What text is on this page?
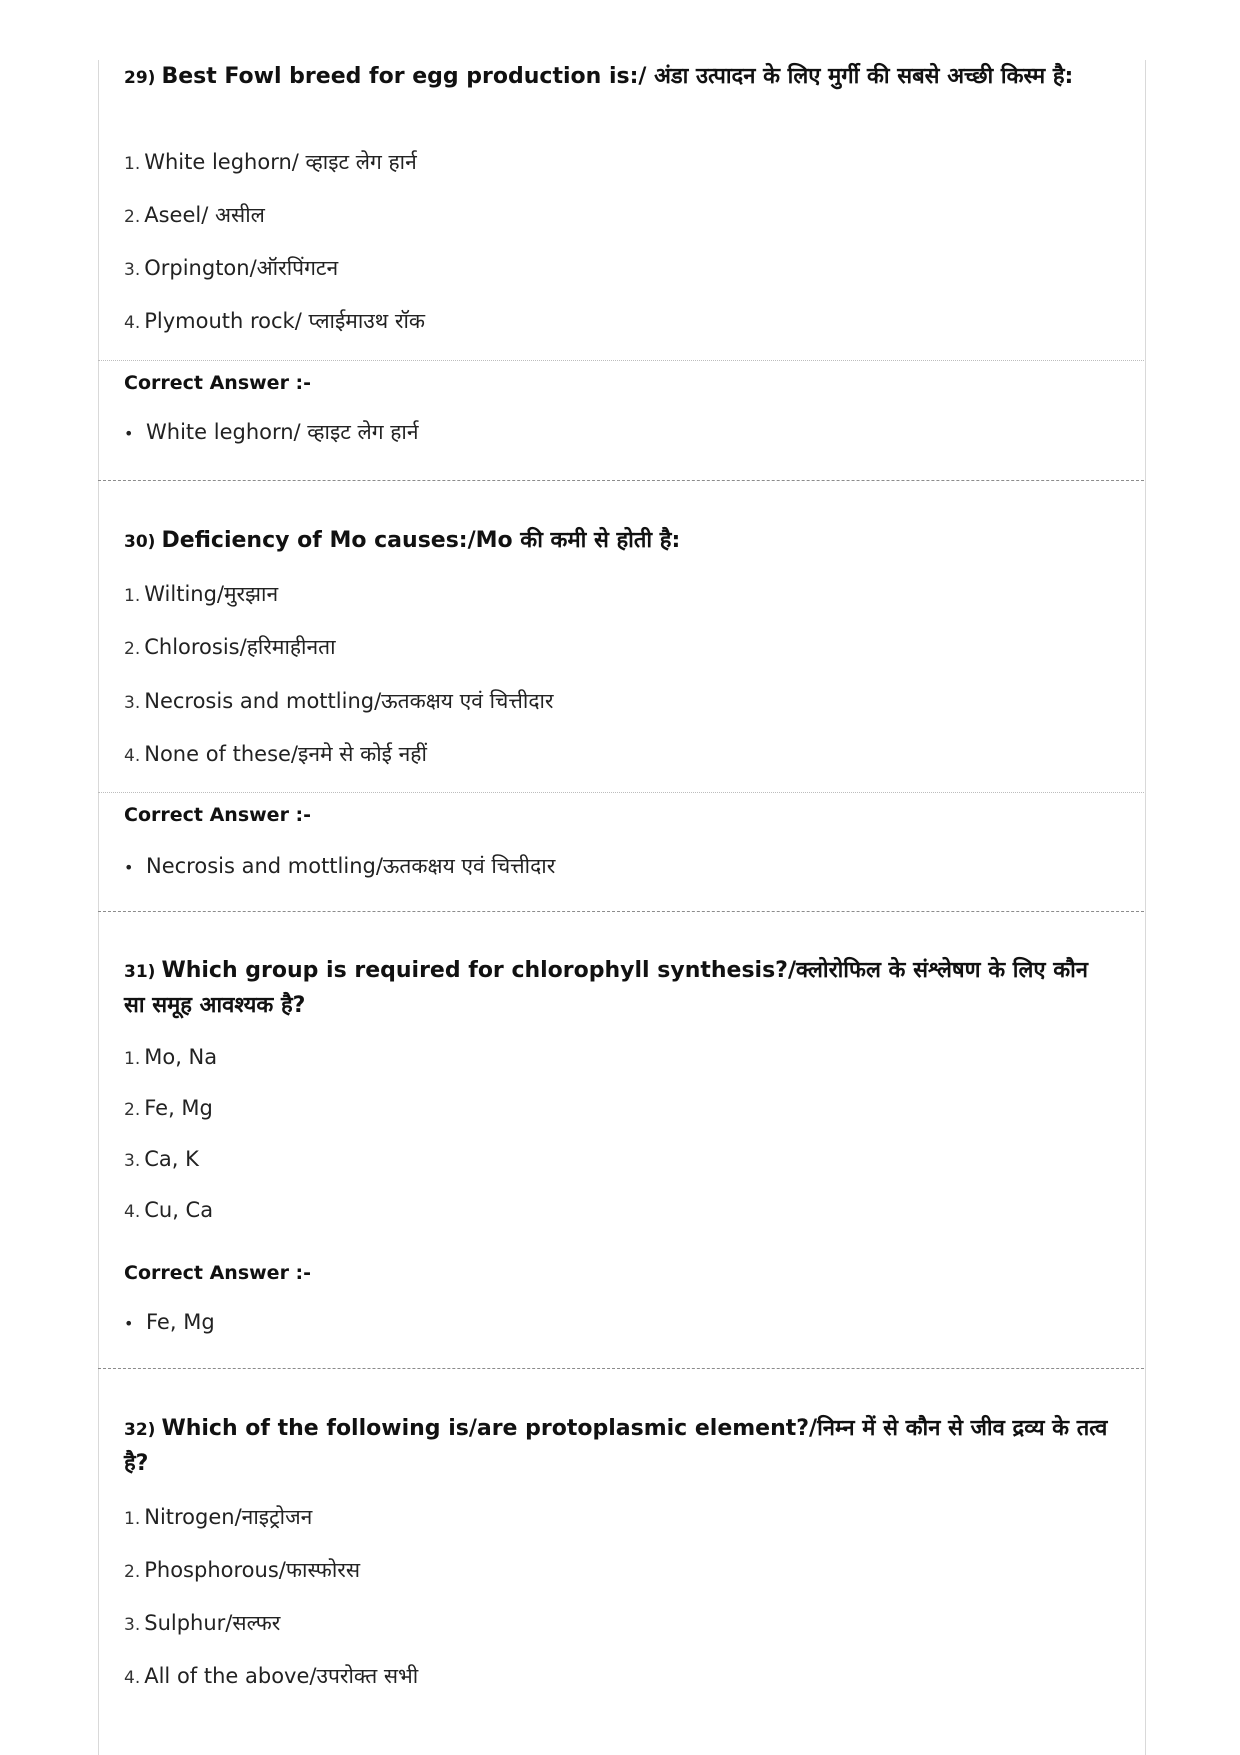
29) Best Fowl breed for egg production is:/ अंडा उत्पादन के लिए मुर्गी की सबसे अच्छी किस्म है:
1. White leghorn/ व्हाइट लेग हार्न
2. Aseel/ असील
3. Orpington/ऑरपिंगटन
4. Plymouth rock/ प्लाईमाउथ रॉक
Correct Answer :-
• White leghorn/ व्हाइट लेग हार्न
30) Deficiency of Mo causes:/Mo की कमी से होती है:
1. Wilting/मुरझान
2. Chlorosis/हरिमाहीनता
3. Necrosis and mottling/ऊतकक्षय एवं चित्तीदार
4. None of these/इनमे से कोई नहीं
Correct Answer :-
• Necrosis and mottling/ऊतकक्षय एवं चित्तीदार
31) Which group is required for chlorophyll synthesis?/क्लोरोफिल के संश्लेषण के लिए कौन सा समूह आवश्यक है?
1. Mo, Na
2. Fe, Mg
3. Ca, K
4. Cu, Ca
Correct Answer :-
• Fe, Mg
32) Which of the following is/are protoplasmic element?/निम्न में से कौन से जीव द्रव्य के तत्व है?
1. Nitrogen/नाइट्रोजन
2. Phosphorous/फास्फोरस
3. Sulphur/सल्फर
4. All of the above/उपरोक्त सभी
